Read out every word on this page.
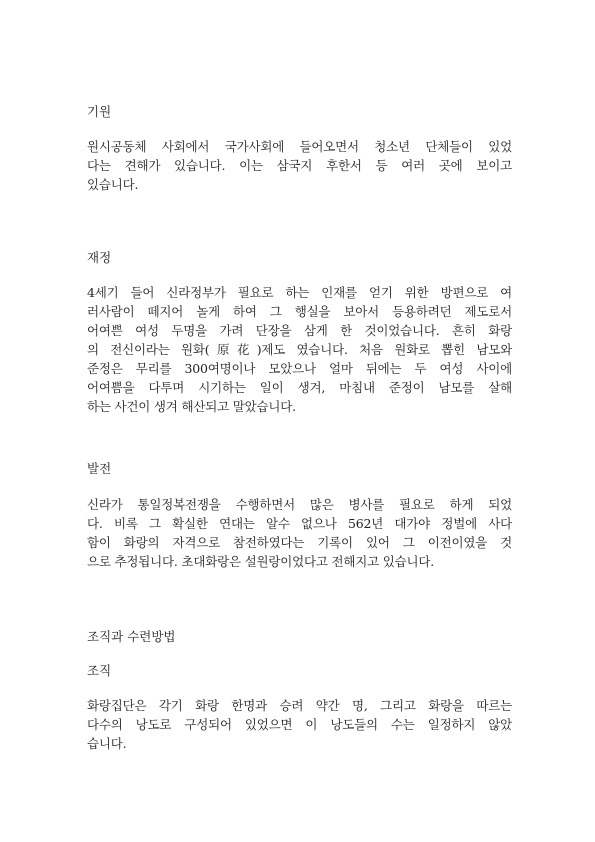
기원
원시공동체 사회에서 국가사회에 들어오면서 청소년 단체들이 있었
다는 견해가 있습니다. 이는 삼국지 후한서 등 여러 곳에 보이고
있습니다.
재정
4세기 들어 신라정부가 필요로 하는 인재를 얻기 위한 방편으로 여
러사람이 떼지어 놀게 하여 그 행실을 보아서 등용하려던 제도로서
어여쁜 여성 두명을 가려 단장을 삼게 한 것이었습니다. 흔히 화랑
의 전신이라는 원화(原花)제도 였습니다. 처음 원화로 뽑힌 남모와
준정은 무리를 300여명이나 모았으나 얼마 뒤에는 두 여성 사이에
어여쁨을 다투며 시기하는 일이 생겨, 마침내 준정이 남모를 살해
하는 사건이 생겨 해산되고 말았습니다.
발전
신라가 통일정복전쟁을 수행하면서 많은 병사를 필요로 하게 되었
다. 비록 그 확실한 연대는 알수 없으나 562년 대가야 정벌에 사다
함이 화랑의 자격으로 참전하였다는 기록이 있어 그 이전이였을 것
으로 추정됩니다. 초대화랑은 설원랑이었다고 전해지고 있습니다.
조직과 수련방법
조직
화랑집단은 각기 화랑 한명과 승려 약간 명, 그리고 화랑을 따르는
다수의 낭도로 구성되어 있었으면 이 낭도들의 수는 일정하지 않았
습니다.
